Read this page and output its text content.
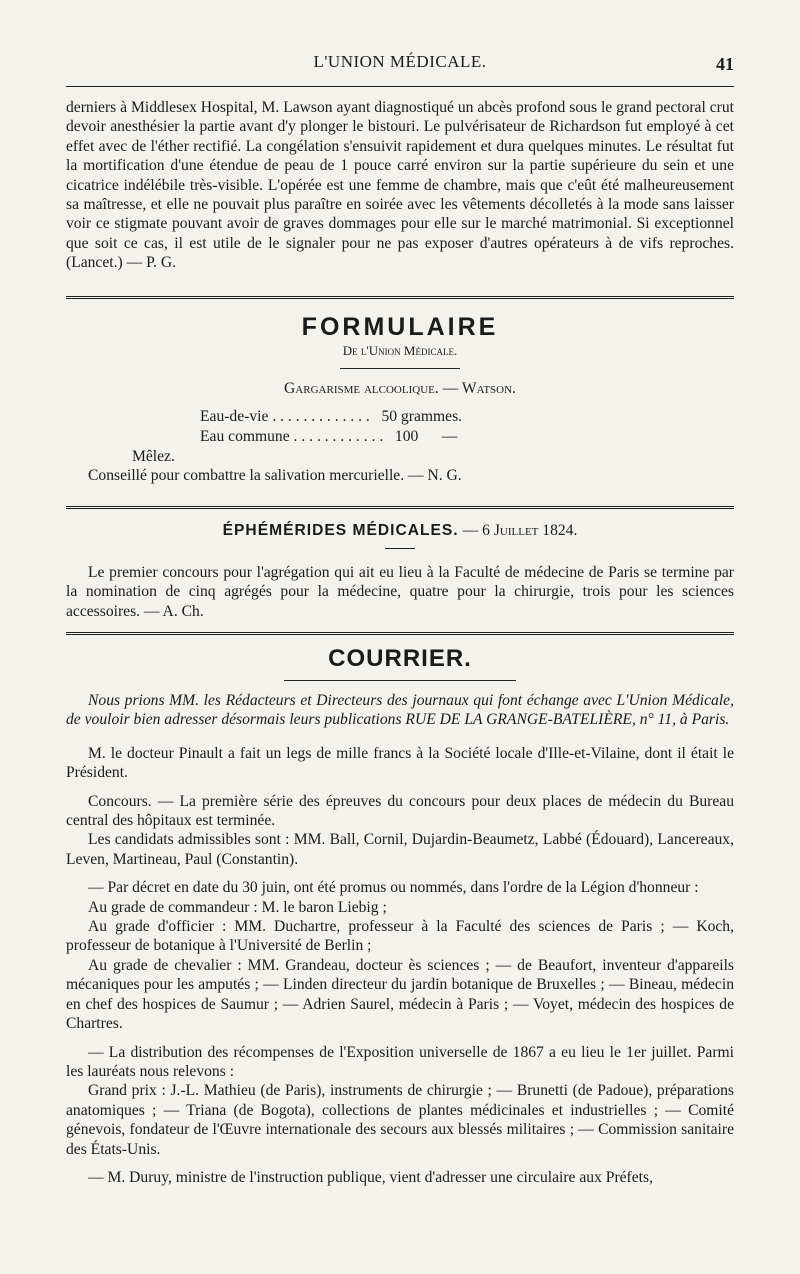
L'UNION MÉDICALE.	41

derniers à Middlesex Hospital, M. Lawson ayant diagnostiqué un abcès profond sous le grand pectoral crut devoir anesthésier la partie avant d'y plonger le bistouri. Le pulvérisateur de Richardson fut employé à cet effet avec de l'éther rectifié. La congélation s'ensuivit rapidement et dura quelques minutes. Le résultat fut la mortification d'une étendue de peau de 1 pouce carré environ sur la partie supérieure du sein et une cicatrice indélébile très-visible. L'opérée est une femme de chambre, mais que c'eût été malheureusement sa maîtresse, et elle ne pouvait plus paraître en soirée avec les vêtements décolletés à la mode sans laisser voir ce stigmate pouvant avoir de graves dommages pour elle sur le marché matrimonial. Si exceptionnel que soit ce cas, il est utile de le signaler pour ne pas exposer d'autres opérateurs à de vifs reproches. (Lancet.) — P. G.

FORMULAIRE
De l'Union Médicale.
Gargarisme alcoolique. — Watson.
Eau-de-vie . . . . . . . . . . . . . 50 grammes.
Eau commune . . . . . . . . . . . . 100      —

Mêlez.

Conseillé pour combattre la salivation mercurielle. — N. G.

ÉPHÉMÉRIDES MÉDICALES. — 6 Juillet 1824.

Le premier concours pour l'agrégation qui ait eu lieu à la Faculté de médecine de Paris se termine par la nomination de cinq agrégés pour la médecine, quatre pour la chirurgie, trois pour les sciences accessoires. — A. Ch.

COURRIER.

Nous prions MM. les Rédacteurs et Directeurs des journaux qui font échange avec L'Union Médicale, de vouloir bien adresser désormais leurs publications RUE DE LA GRANGE-BATELIÈRE, n° 11, à Paris.

M. le docteur Pinault a fait un legs de mille francs à la Société locale d'Ille-et-Vilaine, dont il était le Président.

Concours. — La première série des épreuves du concours pour deux places de médecin du Bureau central des hôpitaux est terminée.

Les candidats admissibles sont : MM. Ball, Cornil, Dujardin-Beaumetz, Labbé (Édouard), Lancereaux, Leven, Martineau, Paul (Constantin).

— Par décret en date du 30 juin, ont été promus ou nommés, dans l'ordre de la Légion d'honneur :

Au grade de commandeur : M. le baron Liebig ;

Au grade d'officier : MM. Duchartre, professeur à la Faculté des sciences de Paris ; — Koch, professeur de botanique à l'Université de Berlin ;

Au grade de chevalier : MM. Grandeau, docteur ès sciences ; — de Beaufort, inventeur d'appareils mécaniques pour les amputés ; — Linden directeur du jardin botanique de Bruxelles ; — Bineau, médecin en chef des hospices de Saumur ; — Adrien Saurel, médecin à Paris ; — Voyet, médecin des hospices de Chartres.

— La distribution des récompenses de l'Exposition universelle de 1867 a eu lieu le 1er juillet. Parmi les lauréats nous relevons :

Grand prix : J.-L. Mathieu (de Paris), instruments de chirurgie ; — Brunetti (de Padoue), préparations anatomiques ; — Triana (de Bogota), collections de plantes médicinales et industrielles ; — Comité génevois, fondateur de l'Œuvre internationale des secours aux blessés militaires ; — Commission sanitaire des États-Unis.

— M. Duruy, ministre de l'instruction publique, vient d'adresser une circulaire aux Préfets,
